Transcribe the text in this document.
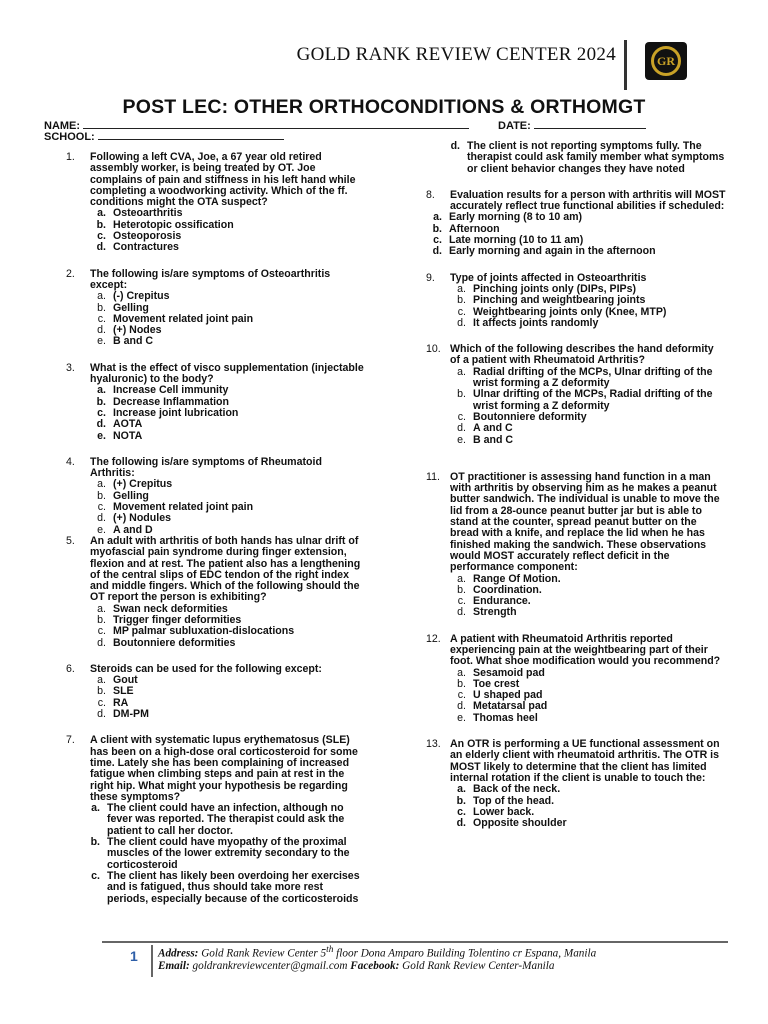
GOLD RANK REVIEW CENTER 2024	GR
POST LEC: OTHER ORTHOCONDITIONS & ORTHOMGT
NAME:	DATE:
SCHOOL:
1.	Following a left CVA, Joe, a 67 year old retired assembly worker, is being treated by OT. Joe complains of pain and stiffness in his left hand while completing a woodworking activity. Which of the ff. conditions might the OTA suspect?
a. Osteoarthritis
b. Heterotopic ossification
c. Osteoporosis
d. Contractures
2.	The following is/are symptoms of Osteoarthritis except:
a. (-) Crepitus
b. Gelling
c. Movement related joint pain
d. (+) Nodes
e. B and C
3.	What is the effect of visco supplementation (injectable hyaluronic) to the body?
a. Increase Cell immunity
b. Decrease Inflammation
c. Increase joint lubrication
d. AOTA
e. NOTA
4.	The following is/are symptoms of Rheumatoid Arthritis:
a. (+) Crepitus
b. Gelling
c. Movement related joint pain
d. (+) Nodules
e. A and D
5.	An adult with arthritis of both hands has ulnar drift of myofascial pain syndrome during finger extension, flexion and at rest. The patient also has a lengthening of the central slips of EDC tendon of the right index and middle fingers. Which of the following should the OT report the person is exhibiting?
a. Swan neck deformities
b. Trigger finger deformities
c. MP palmar subluxation-dislocations
d. Boutonniere deformities
6.	Steroids can be used for the following except:
a. Gout
b. SLE
c. RA
d. DM-PM
7.	A client with systematic lupus erythematosus (SLE) has been on a high-dose oral corticosteroid for some time. Lately she has been complaining of increased fatigue when climbing steps and pain at rest in the right hip. What might your hypothesis be regarding these symptoms?
a. The client could have an infection, although no fever was reported. The therapist could ask the patient to call her doctor.
b. The client could have myopathy of the proximal muscles of the lower extremity secondary to the corticosteroid
c. The client has likely been overdoing her exercises and is fatigued, thus should take more rest periods, especially because of the corticosteroids
d. The client is not reporting symptoms fully. The therapist could ask family member what symptoms or client behavior changes they have noted
8.	Evaluation results for a person with arthritis will MOST accurately reflect true functional abilities if scheduled:
a. Early morning (8 to 10 am)
b. Afternoon
c. Late morning (10 to 11 am)
d. Early morning and again in the afternoon
9.	Type of joints affected in Osteoarthritis
a. Pinching joints only (DIPs, PIPs)
b. Pinching and weightbearing joints
c. Weightbearing joints only (Knee, MTP)
d. It affects joints randomly
10. Which of the following describes the hand deformity of a patient with Rheumatoid Arthritis?
a. Radial drifting of the MCPs, Ulnar drifting of the wrist forming a Z deformity
b. Ulnar drifting of the MCPs, Radial drifting of the wrist forming a Z deformity
c. Boutonniere deformity
d. A and C
e. B and C
11. OT practitioner is assessing hand function in a man with arthritis by observing him as he makes a peanut butter sandwich. The individual is unable to move the lid from a 28-ounce peanut butter jar but is able to stand at the counter, spread peanut butter on the bread with a knife, and replace the lid when he has finished making the sandwich. These observations would MOST accurately reflect deficit in the performance component:
a. Range Of Motion.
b. Coordination.
c. Endurance.
d. Strength
12. A patient with Rheumatoid Arthritis reported experiencing pain at the weightbearing part of their foot. What shoe modification would you recommend?
a. Sesamoid pad
b. Toe crest
c. U shaped pad
d. Metatarsal pad
e. Thomas heel
13. An OTR is performing a UE functional assessment on an elderly client with rheumatoid arthritis. The OTR is MOST likely to determine that the client has limited internal rotation if the client is unable to touch the:
a. Back of the neck.
b. Top of the head.
c. Lower back.
d. Opposite shoulder
1 Address: Gold Rank Review Center 5th floor Dona Amparo Building Tolentino cr Espana, Manila
Email: goldrankreviewcenter@gmail.com Facebook: Gold Rank Review Center-Manila
